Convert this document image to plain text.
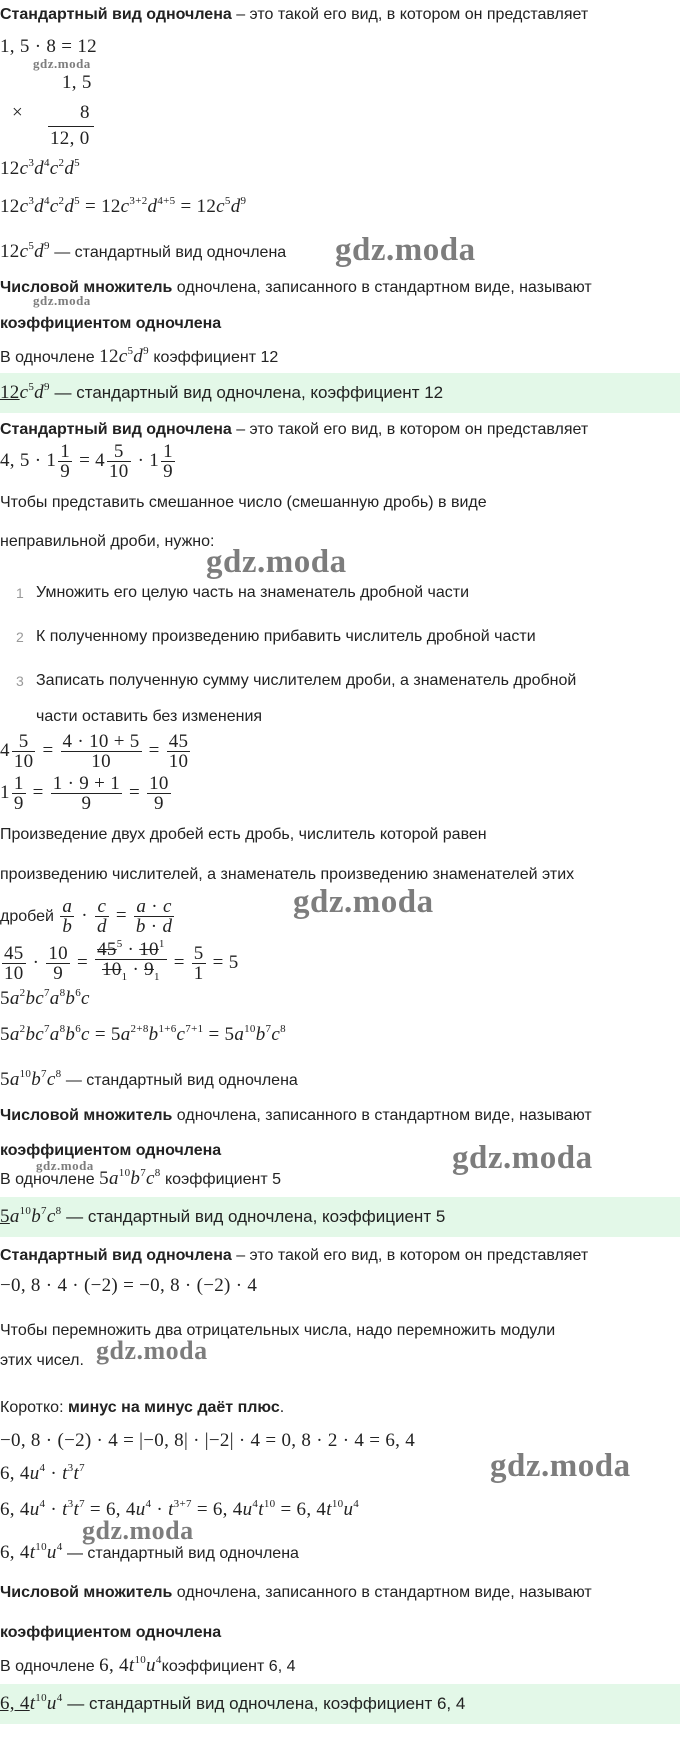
Стандартный вид одночлена – это такой его вид, в котором он представляет
1, 5 · 8 = 12
gdz.moda
1, 5
×	8
12, 0
$12c^3d^4c^2d^5$
$12c^3d^4c^2d^5 = 12c^{3+2}d^{4+5} = 12c^5d^9$
$12c^5d^9$ — стандартный вид одночлена gdz.moda
Числовой множитель одночлена, записанного в стандартном виде, называют
gdz.moda
коэффициентом одночлена
В одночлене $12c^5d^9$ коэффициент 12
$12c^5d^9$ — стандартный вид одночлена, коэффициент 12
Стандартный вид одночлена – это такой его вид, в котором он представляет
4, $5 \cdot 1 \frac{1}{9} = 4 \frac{5}{10} \cdot 1 \frac{1}{9}$
Чтобы представить смешанное число (смешанную дробь) в виде
неправильной дроби, нужно:
gdz.moda
1 Умножить его целую часть на знаменатель дробной части
2 К полученному произведению прибавить числитель дробной части
3 Записать полученную сумму числителем дроби, а знаменатель дробной
части оставить без изменения
$4 \frac{5}{10} = \frac{4 \cdot 10 + 5}{10} = \frac{45}{10}$
$1 \frac{1}{9} = \frac{1 \cdot 9 + 1}{9} = \frac{10}{9}$
Произведение двух дробей есть дробь, числитель которой равен
произведению числителей, а знаменатель произведению знаменателей этих
дробей $\frac{a}{b} \cdot \frac{c}{d} = \frac{a \cdot c}{b \cdot d}$	gdz.moda
$\frac{45}{10} \cdot \frac{10}{9} = \frac{45^5 \cdot 10^1}{10_1 \cdot 9_1} = \frac{5}{1} = 5$
$5a^2bc^7a^8b^6c$
$5a^2bc^7a^8b^6c = 5a^{2+8}b^{1+6}c^{7+1} = 5a^{10}b^7c^8$
$5a^{10}b^7c^8$ — стандартный вид одночлена
Числовой множитель одночлена, записанного в стандартном виде, называют
коэффициентом одночлена
gdz.moda	gdz.moda
В одночлене $5a^{10}b^7c^8$ коэффициент 5
$5a^{10}b^7c^8$ — стандартный вид одночлена, коэффициент 5
Стандартный вид одночлена – это такой его вид, в котором он представляет
−0, 8 · 4 · (−2) = −0, 8 · (−2) · 4
Чтобы перемножить два отрицательных числа, надо перемножить модули
этих чисел. gdz.moda
Коротко: минус на минус даёт плюс.
−0, 8 · (−2) · 4 = |−0, 8| · |−2| · 4 = 0, 8 · 2 · 4 = 6, 4
6, $4u^4 \cdot t^3t^7$	gdz.moda
6, $4u^4 \cdot t^3t^7 = 6$, $4u^4 \cdot t^{3+7} = 6$, $4u^4t^{10} = 6$, $4t^{10}u^4$
gdz.moda
6, $4t^{10}u^4$ — стандартный вид одночлена
Числовой множитель одночлена, записанного в стандартном виде, называют
коэффициентом одночлена
В одночлене 6, $4t^{10}u^4коэффициент$ 6, 4
6, $4t^{10}u^4$ — стандартный вид одночлена, коэффициент 6, 4
